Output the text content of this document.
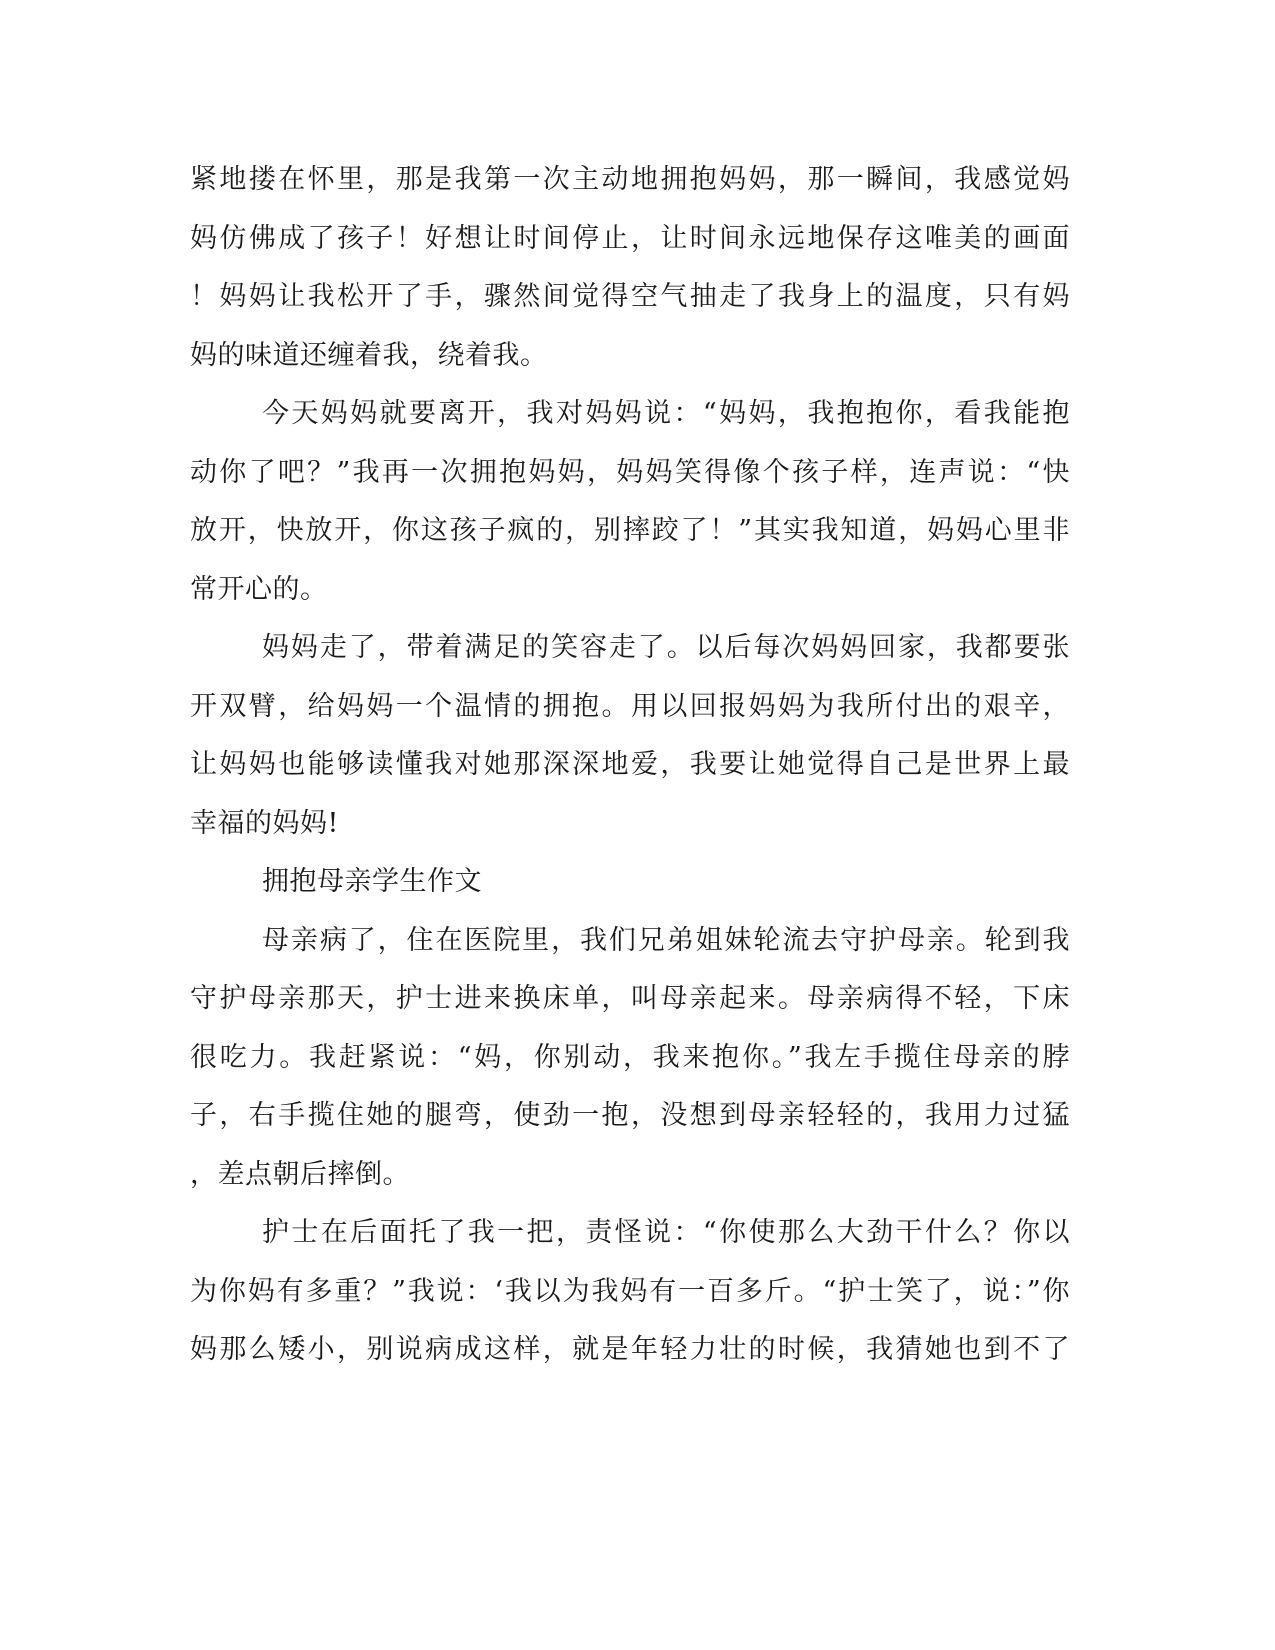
紧地搂在怀里，那是我第一次主动地拥抱妈妈，那一瞬间，我感觉妈
妈仿佛成了孩子！好想让时间停止，让时间永远地保存这唯美的画面
！妈妈让我松开了手，骤然间觉得空气抽走了我身上的温度，只有妈
妈的味道还缠着我，绕着我。
今天妈妈就要离开，我对妈妈说：“妈妈，我抱抱你，看我能抱
动你了吧？”我再一次拥抱妈妈，妈妈笑得像个孩子样，连声说：“快
放开，快放开，你这孩子疯的，别摔跤了！”其实我知道，妈妈心里非
常开心的。
妈妈走了，带着满足的笑容走了。以后每次妈妈回家，我都要张
开双臂，给妈妈一个温情的拥抱。用以回报妈妈为我所付出的艰辛，
让妈妈也能够读懂我对她那深深地爱，我要让她觉得自己是世界上最
幸福的妈妈!
拥抱母亲学生作文
母亲病了，住在医院里，我们兄弟姐妹轮流去守护母亲。轮到我
守护母亲那天，护士进来换床单，叫母亲起来。母亲病得不轻，下床
很吃力。我赶紧说：“妈，你别动，我来抱你。”我左手揽住母亲的脖
子，右手揽住她的腿弯，使劲一抱，没想到母亲轻轻的，我用力过猛
，差点朝后摔倒。
护士在后面托了我一把，责怪说：“你使那么大劲干什么？你以
为你妈有多重？”我说：‘我以为我妈有一百多斤。“护士笑了，说：”你
妈那么矮小，别说病成这样，就是年轻力壮的时候，我猜她也到不了
